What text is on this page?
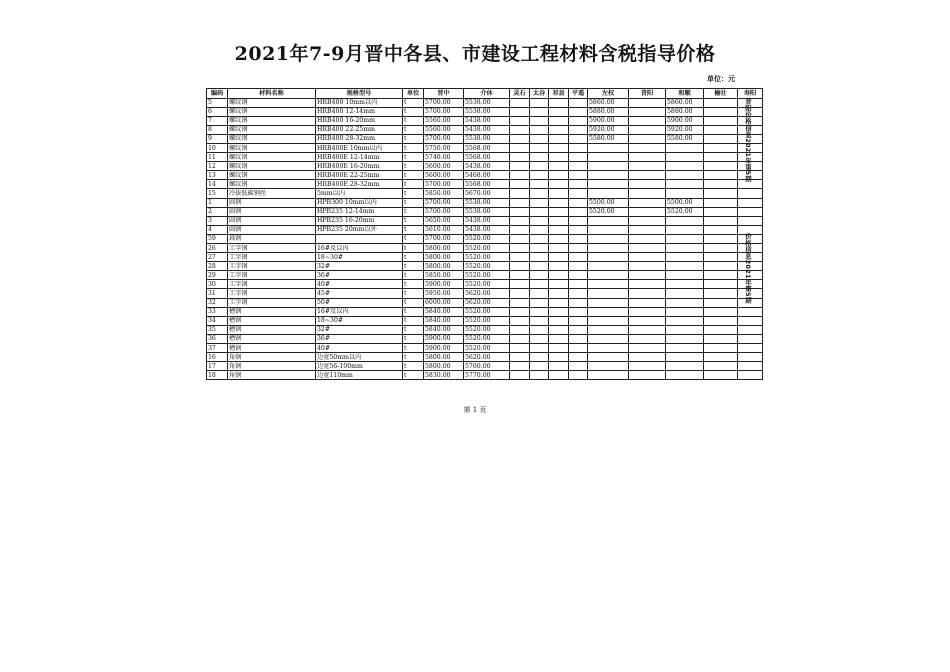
2021年7-9月晋中各县、市建设工程材料含税指导价格
单位：元
编码	材料名称	规格型号	单位	晋中	介休	灵石	太谷	祁县	平遥	左权	昔阳	和顺	榆社	寿阳
5	螺纹钢	HRB400 10mm以内	t	5700.00	5538.00					5860.00		5860.00		
6	螺纹钢	HRB400 12-14mm	t	5700.00	5538.00					5880.00		5880.00		
7	螺纹钢	HRB400 16-20mm	t	5560.00	5438.00					5900.00		5900.00		
8	螺纹钢	HRB400 22-25mm	t	5560.00	5438.00					5920.00		5920.00		
9	螺纹钢	HRB400 28-32mm	t	5700.00	5538.00					5580.00		5580.00		
10	螺纹钢	HRB400E 10mm以内	t	5750.00	5568.00									
11	螺纹钢	HRB400E 12-14mm	t	5740.00	5568.00									
12	螺纹钢	HRB400E 16-20mm	t	5600.00	5438.00									
13	螺纹钢	HRB400E 22-25mm	t	5600.00	5468.00									
14	螺纹钢	HRB400E 28-32mm	t	5700.00	5568.00									
15	冷拔低碳钢丝	5mm以内	t	5850.00	5670.00									
1	圆钢	HPB300 10mm以内	t	5700.00	5538.00					5500.00		5500.00		
2	圆钢	HPB235 12-14mm	t	5700.00	5538.00					5520.00		5520.00		
3	圆钢	HPB235 16-20mm	t	5650.00	5438.00									
4	圆钢	HPB235 20mm以外	t	5610.00	5438.00									
59	扁钢		t	5700.00	5520.00									
26	工字钢	16#及以内	t	5800.00	5520.00									
27	工字钢	18~30#	t	5800.00	5520.00									
28	工字钢	32#	t	5800.00	5520.00									
29	工字钢	36#	t	5850.00	5520.00									
30	工字钢	40#	t	5900.00	5520.00									
31	工字钢	45#	t	5950.00	5620.00									
32	工字钢	50#	t	6000.00	5620.00									
33	槽钢	16#及以内	t	5840.00	5520.00									
34	槽钢	18~30#	t	5840.00	5520.00									
35	槽钢	32#	t	5840.00	5520.00									
36	槽钢	36#	t	5900.00	5520.00									
37	槽钢	40#	t	5900.00	5520.00									
16	角钢	边宽50mm以内	t	5800.00	5620.00									
17	角钢	边宽56-100mm	t	5800.00	5760.00									
18	角钢	边宽110mm	t	5830.00	5770.00									
昔阳价格信息2021年第5期
价格信息2021年第5期
第 1 页
